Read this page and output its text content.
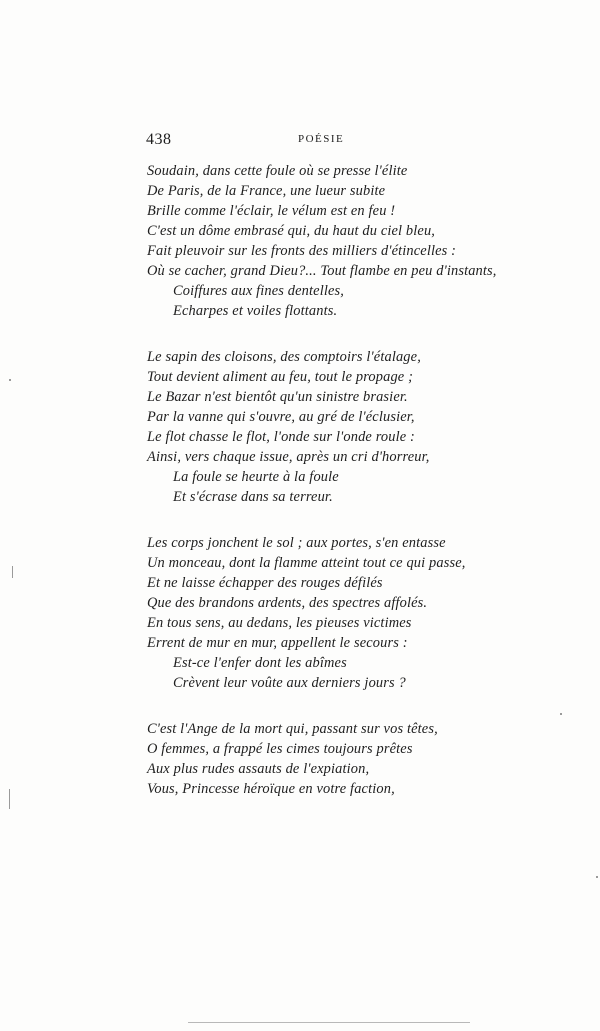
438	POÉSIE
Soudain, dans cette foule où se presse l'élite
De Paris, de la France, une lueur subite
Brille comme l'éclair, le vélum est en feu !
C'est un dôme embrasé qui, du haut du ciel bleu,
Fait pleuvoir sur les fronts des milliers d'étincelles :
Où se cacher, grand Dieu?... Tout flambe en peu d'instants,
Coiffures aux fines dentelles,
Echarpes et voiles flottants.
Le sapin des cloisons, des comptoirs l'étalage,
Tout devient aliment au feu, tout le propage ;
Le Bazar n'est bientôt qu'un sinistre brasier.
Par la vanne qui s'ouvre, au gré de l'éclusier,
Le flot chasse le flot, l'onde sur l'onde roule :
Ainsi, vers chaque issue, après un cri d'horreur,
La foule se heurte à la foule
Et s'écrase dans sa terreur.
Les corps jonchent le sol ; aux portes, s'en entasse
Un monceau, dont la flamme atteint tout ce qui passe,
Et ne laisse échapper des rouges défilés
Que des brandons ardents, des spectres affolés.
En tous sens, au dedans, les pieuses victimes
Errent de mur en mur, appellent le secours :
Est-ce l'enfer dont les abîmes
Crèvent leur voûte aux derniers jours ?
C'est l'Ange de la mort qui, passant sur vos têtes,
O femmes, a frappé les cimes toujours prêtes
Aux plus rudes assauts de l'expiation,
Vous, Princesse héroïque en votre faction,
